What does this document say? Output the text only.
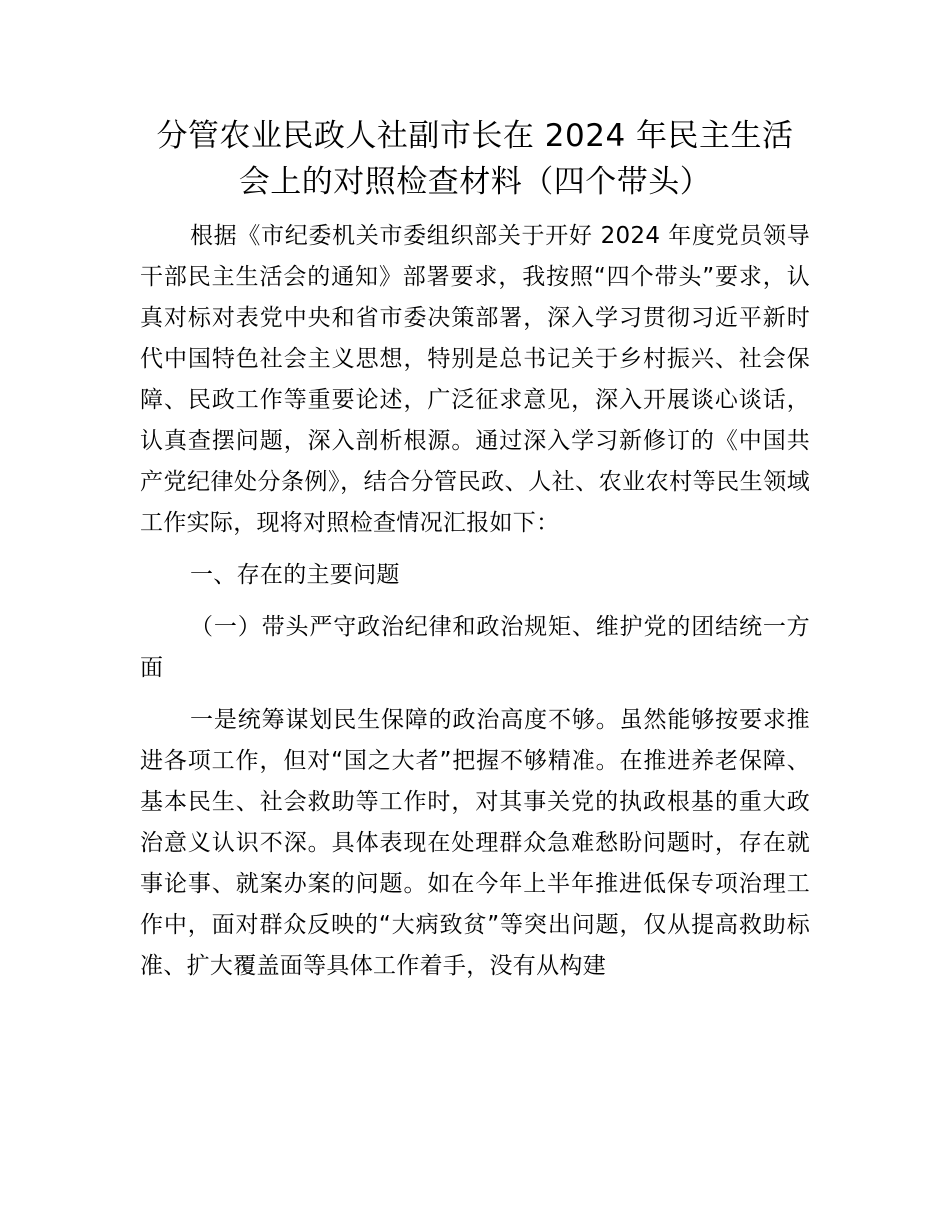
分管农业民政人社副市长在 2024 年民主生活
会上的对照检查材料（四个带头）

根据《市纪委机关市委组织部关于开好 2024 年度党员领导干部民主生活会的通知》部署要求，我按照“四个带头”要求，认真对标对表党中央和省市委决策部署，深入学习贯彻习近平新时代中国特色社会主义思想，特别是总书记关于乡村振兴、社会保障、民政工作等重要论述，广泛征求意见，深入开展谈心谈话，认真查摆问题，深入剖析根源。通过深入学习新修订的《中国共产党纪律处分条例》，结合分管民政、人社、农业农村等民生领域工作实际，现将对照检查情况汇报如下：

一、存在的主要问题

（一）带头严守政治纪律和政治规矩、维护党的团结统一方面

一是统筹谋划民生保障的政治高度不够。虽然能够按要求推进各项工作，但对“国之大者”把握不够精准。在推进养老保障、基本民生、社会救助等工作时，对其事关党的执政根基的重大政治意义认识不深。具体表现在处理群众急难愁盼问题时，存在就事论事、就案办案的问题。如在今年上半年推进低保专项治理工作中，面对群众反映的“大病致贫”等突出问题，仅从提高救助标准、扩大覆盖面等具体工作着手，没有从构建
